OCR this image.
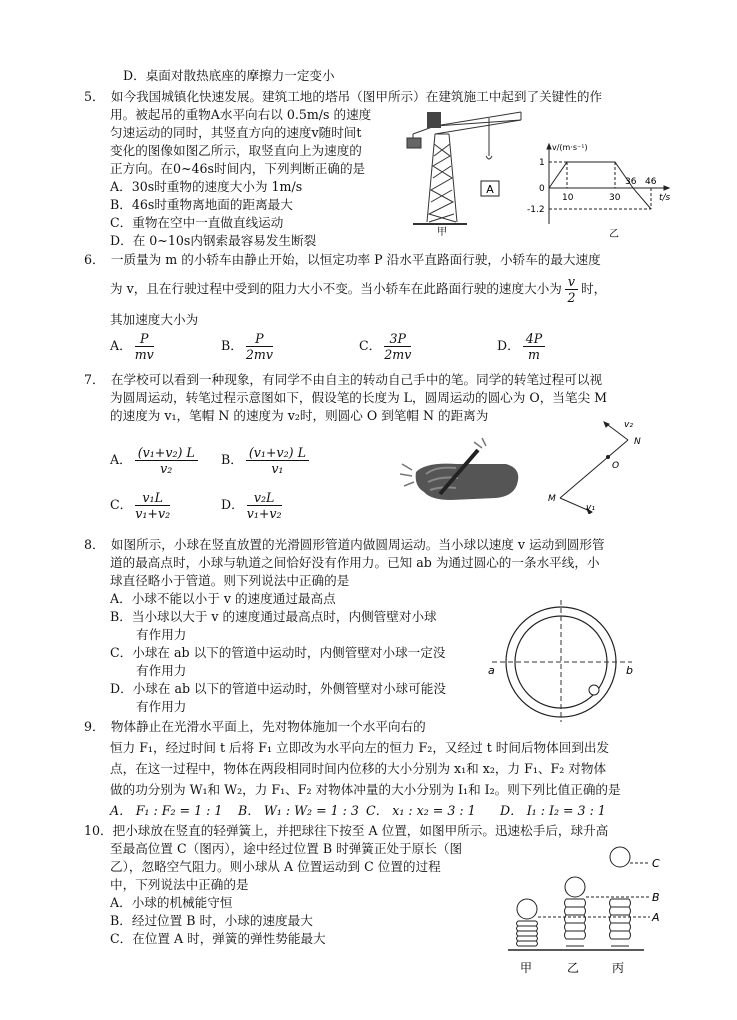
D．桌面对散热底座的摩擦力一定变小
5．　如今我国城镇化快速发展。建筑工地的塔吊（图甲所示）在建筑施工中起到了关键性的作
用。被起吊的重物A水平向右以 0.5m/s 的速度
匀速运动的同时，其竖直方向的速度v随时间t
变化的图像如图乙所示，取竖直向上为速度的
正方向。在0~46s时间内，下列判断正确的是
A．30s时重物的速度大小为 1m/s
B．46s时重物离地面的距离最大
C．重物在空中一直做直线运动
D．在 0~10s内钢索最容易发生断裂
A
甲
v/(m·s⁻¹)
t/s
1
0
-1.2
10	30
36 46
乙
6．　一质量为 m 的小轿车由静止开始，以恒定功率 P 沿水平直路面行驶，小轿车的最大速度
为 v，且在行驶过程中受到的阻力大小不变。当小轿车在此路面行驶的速度大小为 $\frac{v}{2}$ 时，
其加速度大小为
A． $\frac{P}{mv}$	B． $\frac{P}{2mv}$	C． $\frac{3P}{2mv}$	D． $\frac{4P}{m}$
7．　在学校可以看到一种现象，有同学不由自主的转动自己手中的笔。同学的转笔过程可以视
为圆周运动，转笔过程示意图如下，假设笔的长度为 L，圆周运动的圆心为 O，当笔尖 M
的速度为 v₁，笔帽 N 的速度为 v₂时，则圆心 O 到笔帽 N 的距离为
A． $\frac{\text{(v₁+v₂) L}}{\text{v₂}}$ B． $\frac{\text{(v₁+v₂) L}}{\text{v₁}}$
C． $\frac{\text{v₁L}}{\text{v₁+v₂}}$	D． $\frac{\text{v₂L}}{\text{v₁+v₂}}$
v₂
N
O
M
v₁
8．　如图所示，小球在竖直放置的光滑圆形管道内做圆周运动。当小球以速度 v 运动到圆形管
道的最高点时，小球与轨道之间恰好没有作用力。已知 ab 为通过圆心的一条水平线，小
球直径略小于管道。则下列说法中正确的是
A．小球不能以小于 v 的速度通过最高点
B．当小球以大于 v 的速度通过最高点时，内侧管壁对小球
有作用力
C．小球在 ab 以下的管道中运动时，内侧管壁对小球一定没
有作用力
D．小球在 ab 以下的管道中运动时，外侧管壁对小球可能没
有作用力
a	b
9．　物体静止在光滑水平面上，先对物体施加一个水平向右的
恒力 F₁，经过时间 t 后将 F₁ 立即改为水平向左的恒力 F₂，又经过 t 时间后物体回到出发
点，在这一过程中，物体在两段相同时间内位移的大小分别为 x₁和 x₂，力 F₁、F₂ 对物体
做的功分别为 W₁和 W₂，力 F₁、F₂ 对物体冲量的大小分别为 I₁和 I₂。则下列比值正确的是
A． F₁ : F₂ = 1 : 1 B． W₁ : W₂ = 1 : 3 C． x₁ : x₂ = 3 : 1 D． I₁ : I₂ = 3 : 1
10．把小球放在竖直的轻弹簧上，并把球往下按至 A 位置，如图甲所示。迅速松手后，球升高
至最高位置 C（图丙），途中经过位置 B 时弹簧正处于原长（图
乙），忽略空气阻力。则小球从 A 位置运动到 C 位置的过程
中，下列说法中正确的是
A．小球的机械能守恒
B．经过位置 B 时，小球的速度最大
C．在位置 A 时，弹簧的弹性势能最大
C
B
A
甲	乙	丙
